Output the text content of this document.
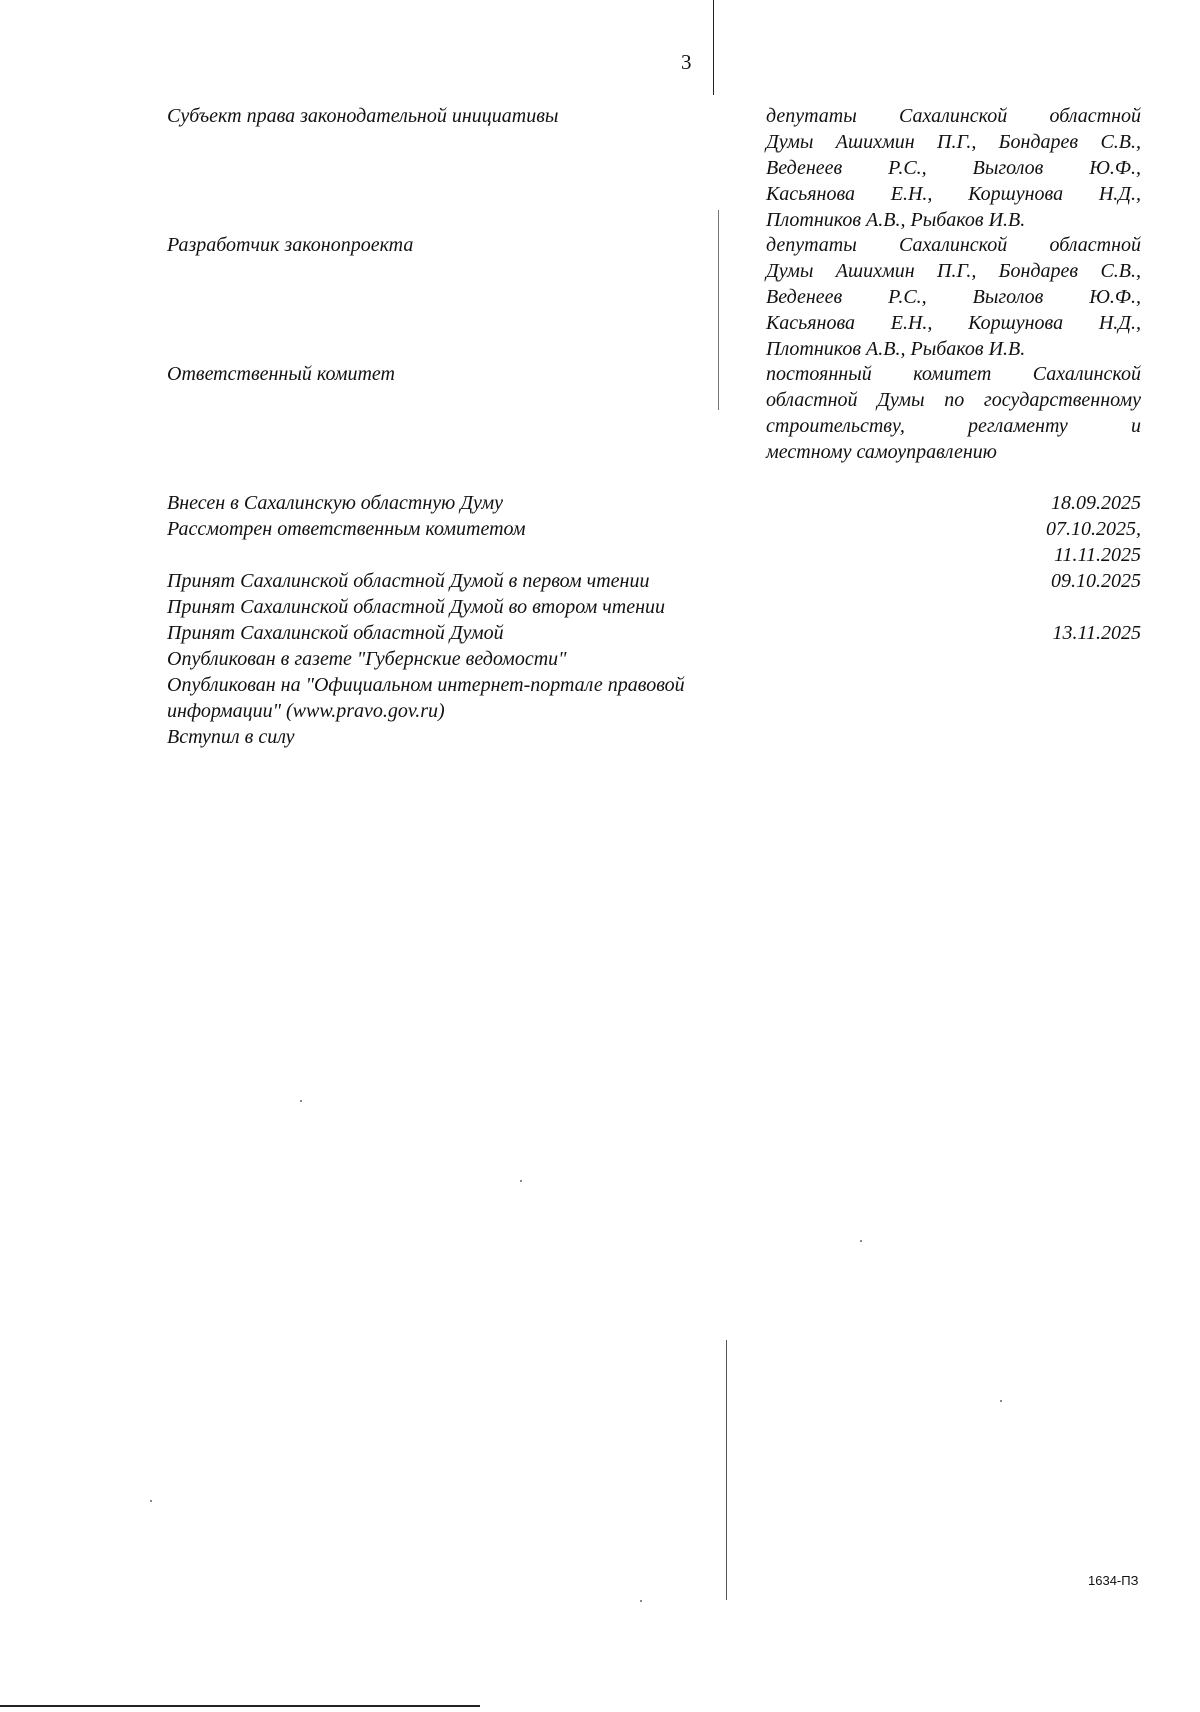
3
Субъект права законодательной инициативы	депутаты Сахалинской областной
Думы Ашихмин П.Г., Бондарев С.В.,
Веденеев Р.С., Выголов Ю.Ф.,
Касьянова Е.Н., Коршунова Н.Д.,
Плотников А.В., Рыбаков И.В.
Разработчик законопроекта	депутаты Сахалинской областной
Думы Ашихмин П.Г., Бондарев С.В.,
Веденеев Р.С., Выголов Ю.Ф.,
Касьянова Е.Н., Коршунова Н.Д.,
Плотников А.В., Рыбаков И.В.
Ответственный комитет	постоянный комитет Сахалинской
областной Думы по государственному
строительству, регламенту и
местному самоуправлению
Внесен в Сахалинскую областную Думу	18.09.2025
Рассмотрен ответственным комитетом	07.10.2025,
11.11.2025
Принят Сахалинской областной Думой в первом чтении	09.10.2025
Принят Сахалинской областной Думой во втором чтении
Принят Сахалинской областной Думой	13.11.2025
Опубликован в газете "Губернские ведомости"
Опубликован на "Официальном интернет-портале правовой
информации" (www.pravo.gov.ru)
Вступил в силу
1634-ПЗ
